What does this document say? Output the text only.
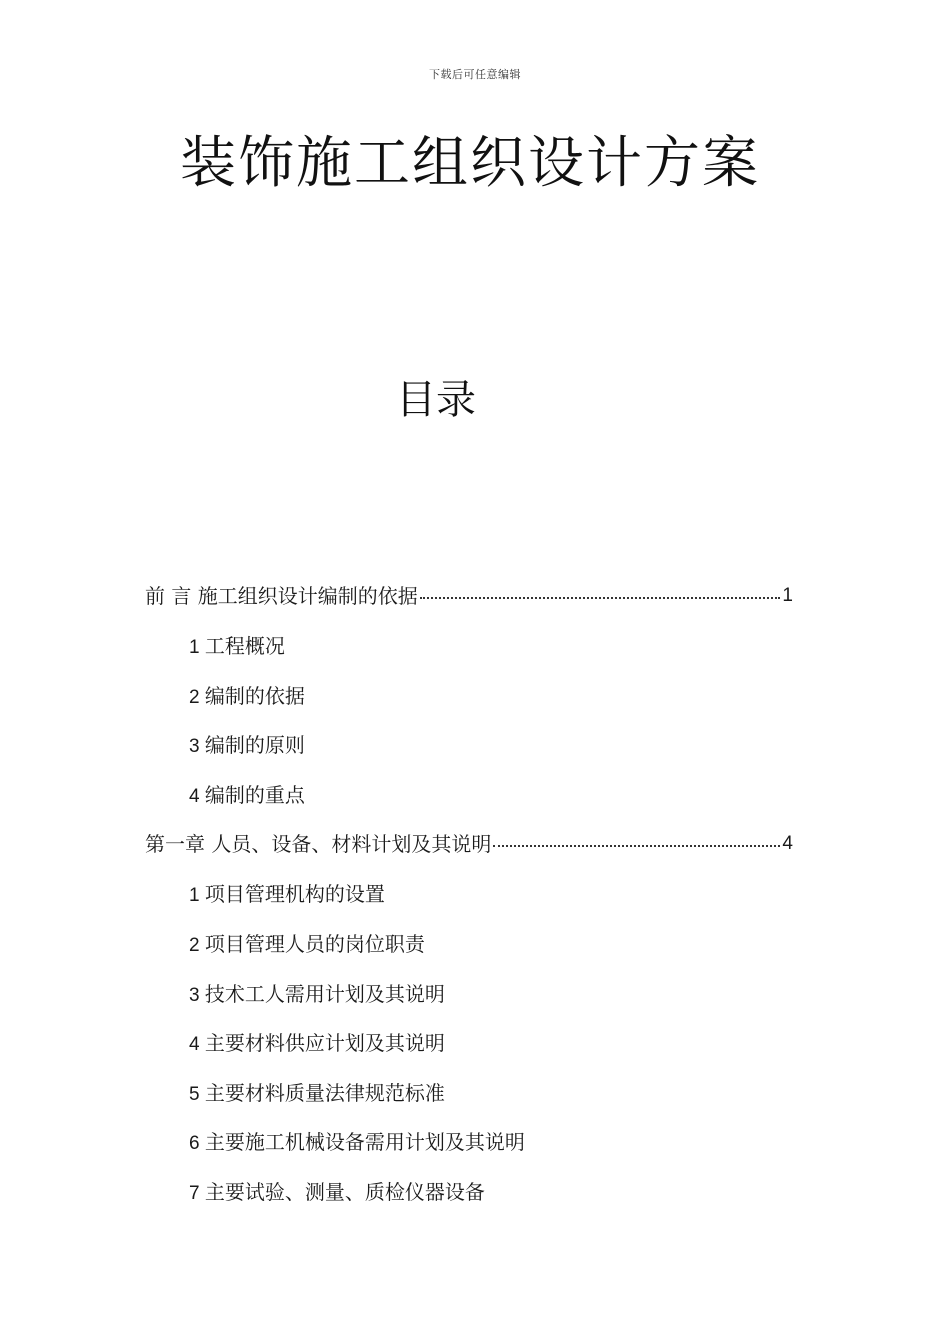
下载后可任意编辑
装饰施工组织设计方案
目录
前 言 施工组织设计编制的依据	1
1 工程概况
2 编制的依据
3 编制的原则
4 编制的重点
第一章 人员、设备、材料计划及其说明	4
1 项目管理机构的设置
2 项目管理人员的岗位职责
3 技术工人需用计划及其说明
4 主要材料供应计划及其说明
5 主要材料质量法律规范标准
6 主要施工机械设备需用计划及其说明
7 主要试验、测量、质检仪器设备
